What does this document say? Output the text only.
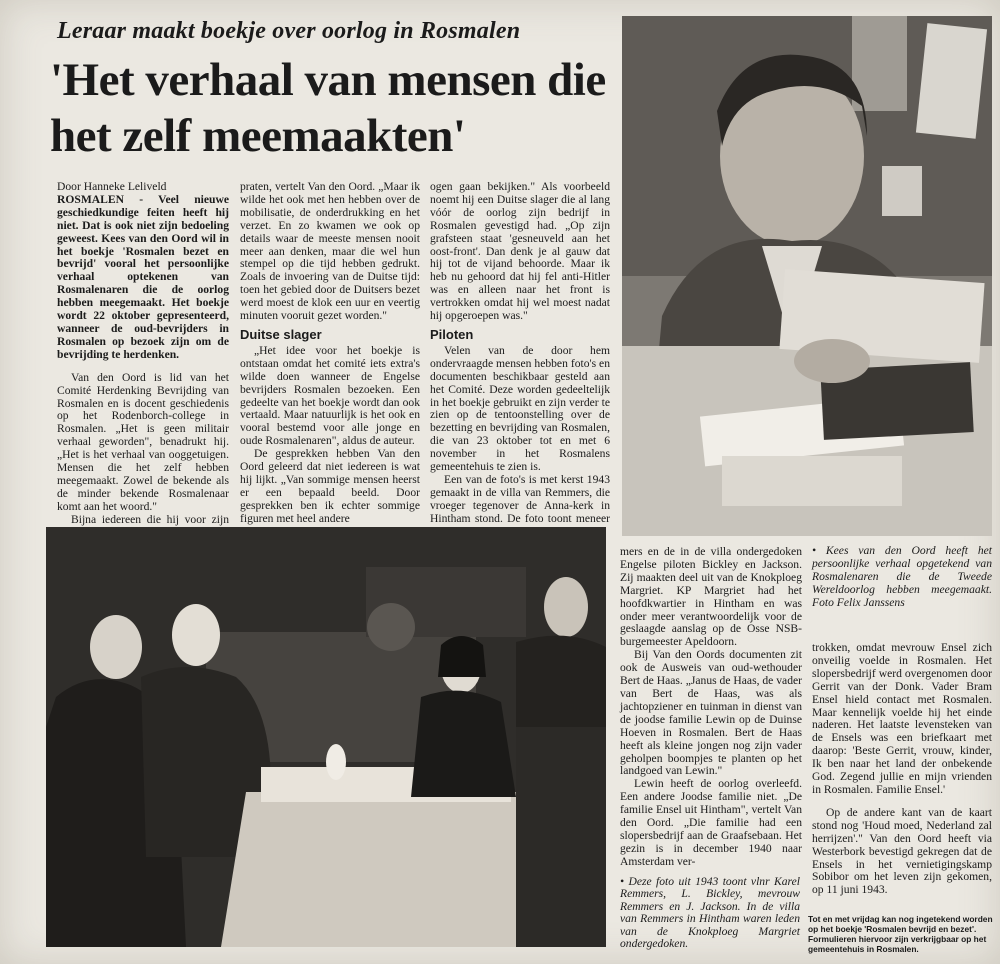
Leraar maakt boekje over oorlog in Rosmalen
'Het verhaal van mensen die het zelf meemaakten'

Door Hanneke Leliveld

ROSMALEN - Veel nieuwe geschiedkundige feiten heeft hij niet. Dat is ook niet zijn bedoeling geweest. Kees van den Oord wil in het boekje 'Rosmalen bezet en bevrijd' vooral het persoonlijke verhaal optekenen van Rosmalenaren die de oorlog hebben meegemaakt. Het boekje wordt 22 oktober gepresenteerd, wanneer de oud-bevrijders in Rosmalen op bezoek zijn om de bevrijding te herdenken.

Van den Oord is lid van het Comité Herdenking Bevrijding van Rosmalen en is docent geschiedenis op het Rodenborch-college in Rosmalen. „Het is geen militair verhaal geworden", benadrukt hij. „Het is het verhaal van ooggetuigen. Mensen die het zelf hebben meegemaakt. Zowel de bekende als de minder bekende Rosmalenaar komt aan het woord."

Bijna iedereen die hij voor zijn

praten, vertelt Van den Oord. „Maar ik wilde het ook met hen hebben over de mobilisatie, de onderdrukking en het verzet. En zo kwamen we ook op details waar de meeste mensen nooit meer aan denken, maar die wel hun stempel op die tijd hebben gedrukt. Zoals de invoering van de Duitse tijd: toen het gebied door de Duitsers bezet werd moest de klok een uur en veertig minuten vooruit gezet worden."

Duitse slager

„Het idee voor het boekje is ontstaan omdat het comité iets extra's wilde doen wanneer de Engelse bevrijders Rosmalen bezoeken. Een gedeelte van het boekje wordt dan ook vertaald. Maar natuurlijk is het ook en vooral bestemd voor alle jonge en oude Rosmalenaren", aldus de auteur.

De gesprekken hebben Van den Oord geleerd dat niet iedereen is wat hij lijkt. „Van sommige mensen heerst er een bepaald beeld. Door gesprekken ben ik echter sommige figuren met heel andere

ogen gaan bekijken." Als voorbeeld noemt hij een Duitse slager die al lang vóór de oorlog zijn bedrijf in Rosmalen gevestigd had. „Op zijn grafsteen staat 'gesneuveld aan het oost-front'. Dan denk je al gauw dat hij tot de vijand behoorde. Maar ik heb nu gehoord dat hij fel anti-Hitler was en alleen naar het front is vertrokken omdat hij wel moest nadat hij opgeroepen was."

Piloten

Velen van de door hem ondervraagde mensen hebben foto's en documenten beschikbaar gesteld aan het Comité. Deze worden gedeeltelijk in het boekje gebruikt en zijn verder te zien op de tentoonstelling over de bezetting en bevrijding van Rosmalen, die van 23 oktober tot en met 6 november in het Rosmalens gemeentehuis te zien is.

Een van de foto's is met kerst 1943 gemaakt in de villa van Remmers, die vroeger tegenover de Anna-kerk in Hintham stond. De foto toont meneer

• Kees van den Oord heeft het persoonlijke verhaal opgetekend van Rosmalenaren die de Tweede Wereldoorlog hebben meegemaakt. Foto Felix Janssens

mers en de in de villa ondergedoken Engelse piloten Bickley en Jackson. Zij maakten deel uit van de Knokploeg Margriet. KP Margriet had het hoofdkwartier in Hintham en was onder meer verantwoordelijk voor de geslaagde aanslag op de Osse NSB-burgemeester Apeldoorn.

Bij Van den Oords documenten zit ook de Ausweis van oud-wethouder Bert de Haas. „Janus de Haas, de vader van Bert de Haas, was als jachtopziener en tuinman in dienst van de joodse familie Lewin op de Duinse Hoeven in Rosmalen. Bert de Haas heeft als kleine jongen nog zijn vader geholpen boompjes te planten op het landgoed van Lewin."

Lewin heeft de oorlog overleefd. Een andere Joodse familie niet. „De familie Ensel uit Hintham", vertelt Van den Oord. „Die familie had een slopersbedrijf aan de Graafsebaan. Het gezin is in december 1940 naar Amsterdam ver-

• Deze foto uit 1943 toont vlnr Karel Remmers, L. Bickley, mevrouw Remmers en J. Jackson. In de villa van Remmers in Hintham waren leden van de Knokploeg Margriet ondergedoken.

trokken, omdat mevrouw Ensel zich onveilig voelde in Rosmalen. Het slopersbedrijf werd overgenomen door Gerrit van der Donk. Vader Bram Ensel hield contact met Rosmalen. Maar kennelijk voelde hij het einde naderen. Het laatste levensteken van de Ensels was een briefkaart met daarop: 'Beste Gerrit, vrouw, kinder, Ik ben naar het land der onbekende God. Zegend jullie en mijn vrienden in Rosmalen. Familie Ensel.'

Op de andere kant van de kaart stond nog 'Houd moed, Nederland zal herrijzen'." Van den Oord heeft via Westerbork bevestigd gekregen dat de Ensels in het vernietigingskamp Sobibor om het leven zijn gekomen, op 11 juni 1943.

Tot en met vrijdag kan nog ingetekend worden op het boekje 'Rosmalen bevrijd en bezet'. Formulieren hiervoor zijn verkrijgbaar op het gemeentehuis in Rosmalen.
